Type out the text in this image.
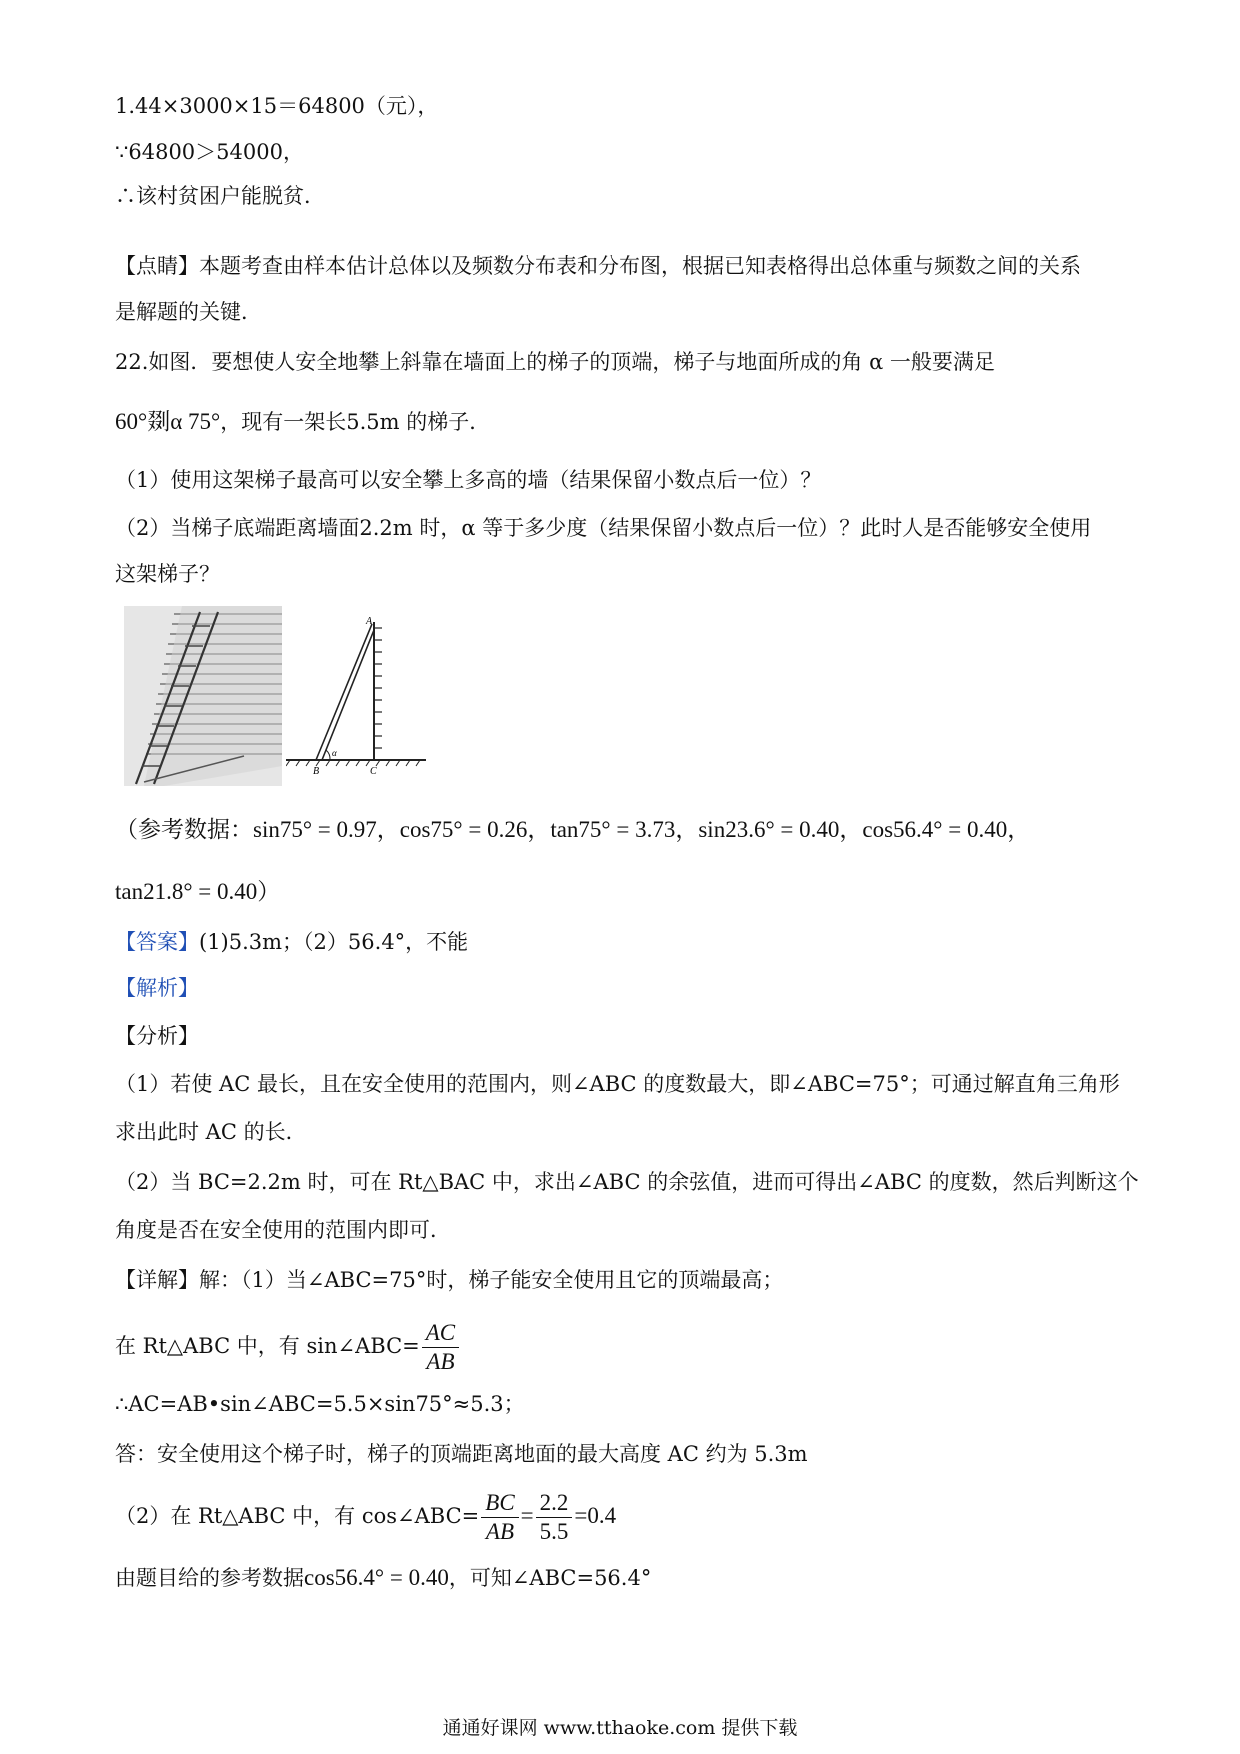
1.44×3000×15＝64800（元），
∵64800＞54000，
∴该村贫困户能脱贫．
【点睛】本题考查由样本估计总体以及频数分布表和分布图，根据已知表格得出总体重与频数之间的关系
是解题的关键．
22.如图．要想使人安全地攀上斜靠在墙面上的梯子的顶端，梯子与地面所成的角 α 一般要满足
60°剟α 75°，现有一架长5.5m 的梯子．
（1）使用这架梯子最高可以安全攀上多高的墙（结果保留小数点后一位）？
（2）当梯子底端距离墙面2.2m 时，α 等于多少度（结果保留小数点后一位）？此时人是否能够安全使用
这架梯子？
A
B	C
α
（参考数据：sin75° = 0.97，cos75° = 0.26，tan75° = 3.73，sin23.6° = 0.40，cos56.4° = 0.40，
tan21.8° = 0.40）
【答案】(1)5.3m；（2）56.4°，不能
【解析】
【分析】
（1）若使 AC 最长，且在安全使用的范围内，则∠ABC 的度数最大，即∠ABC=75°；可通过解直角三角形
求出此时 AC 的长．
（2）当 BC=2.2m 时，可在 Rt△BAC 中，求出∠ABC 的余弦值，进而可得出∠ABC 的度数，然后判断这个
角度是否在安全使用的范围内即可．
【详解】解：（1）当∠ABC=75°时，梯子能安全使用且它的顶端最高；
在 Rt△ABC 中，有 sin∠ABC= $\frac{AC}{AB}$
∴AC=AB•sin∠ABC=5.5×sin75°≈5.3；
答：安全使用这个梯子时，梯子的顶端距离地面的最大高度 AC 约为 5.3m
（2）在 Rt△ABC 中，有 cos∠ABC= $\frac{BC}{AB} = \frac{2.2}{5.5} =0.4$
由题目给的参考数据cos56.4° = 0.40，可知∠ABC=56.4°
通通好课网 www.tthaoke.com 提供下载
